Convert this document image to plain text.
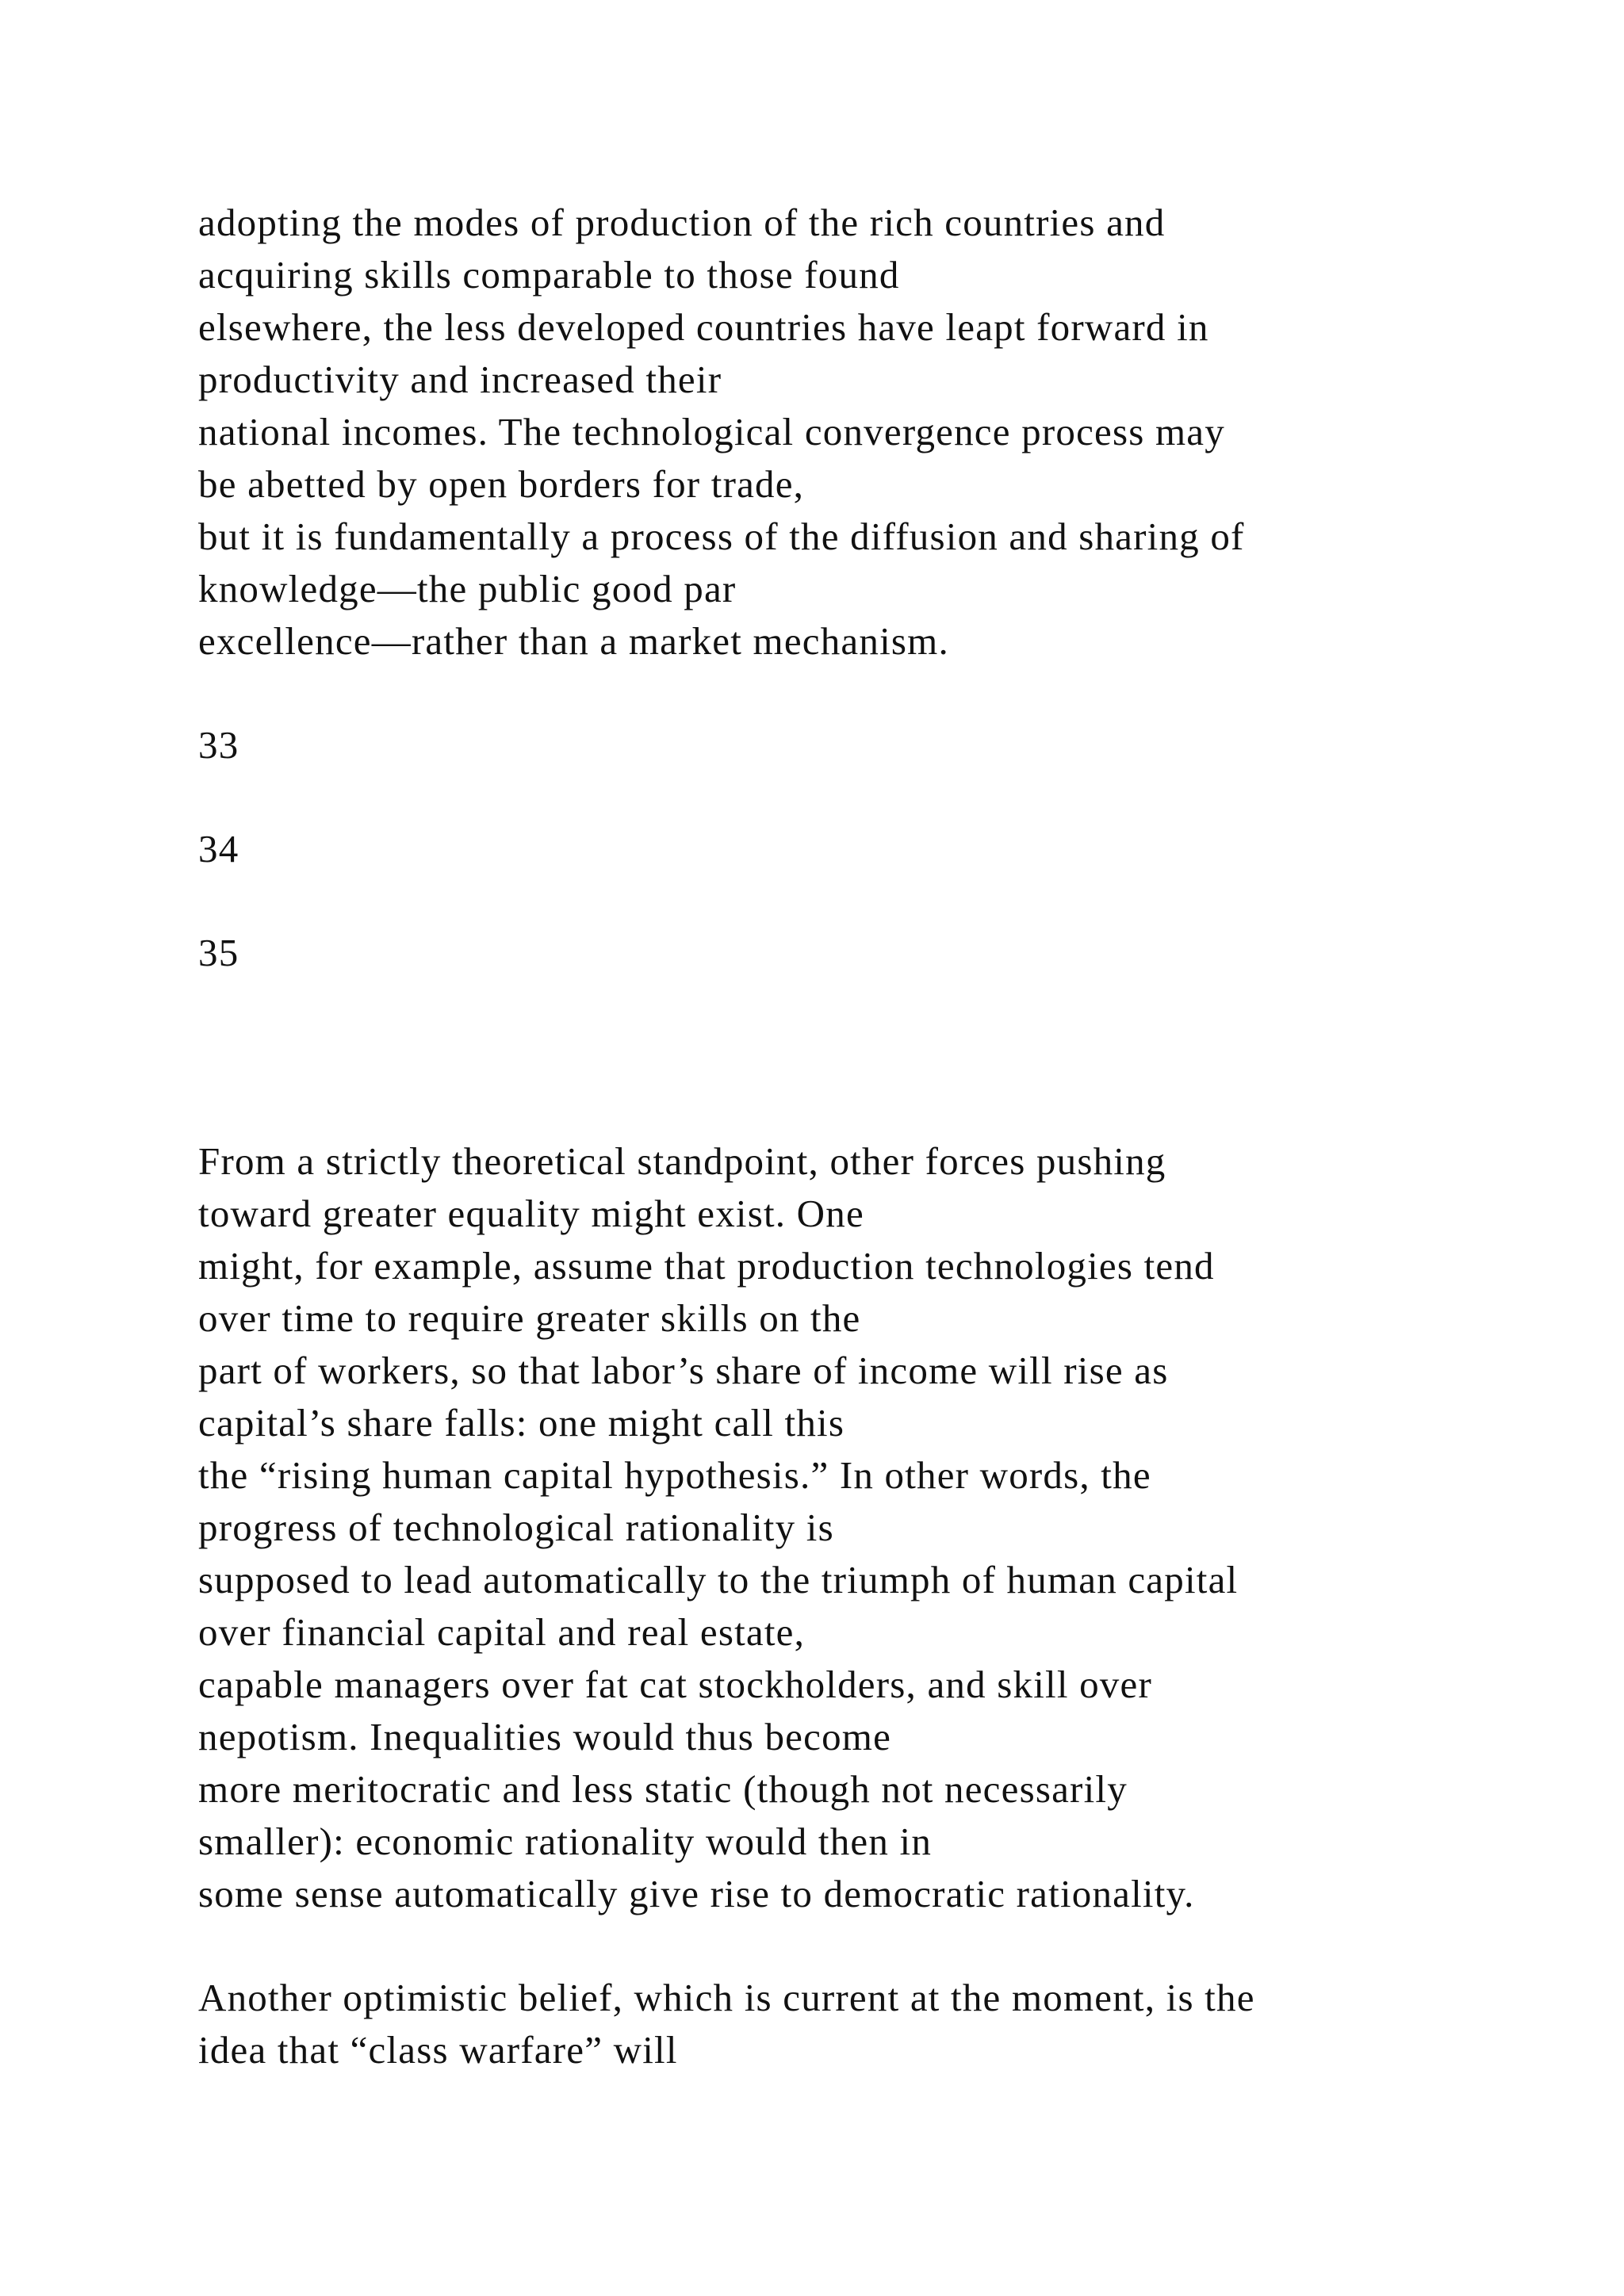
adopting the modes of production of the rich countries and

acquiring skills comparable to those found

elsewhere, the less developed countries have leapt forward in

productivity and increased their

national incomes. The technological convergence process may

be abetted by open borders for trade,

but it is fundamentally a process of the diffusion and sharing of

knowledge—the public good par

excellence—rather than a market mechanism.

33

34

35

From a strictly theoretical standpoint, other forces pushing

toward greater equality might exist. One

might, for example, assume that production technologies tend

over time to require greater skills on the

part of workers, so that labor’s share of income will rise as

capital’s share falls: one might call this

the “rising human capital hypothesis.” In other words, the

progress of technological rationality is

supposed to lead automatically to the triumph of human capital

over financial capital and real estate,

capable managers over fat cat stockholders, and skill over

nepotism. Inequalities would thus become

more meritocratic and less static (though not necessarily

smaller): economic rationality would then in

some sense automatically give rise to democratic rationality.

Another optimistic belief, which is current at the moment, is the

idea that “class warfare” will
